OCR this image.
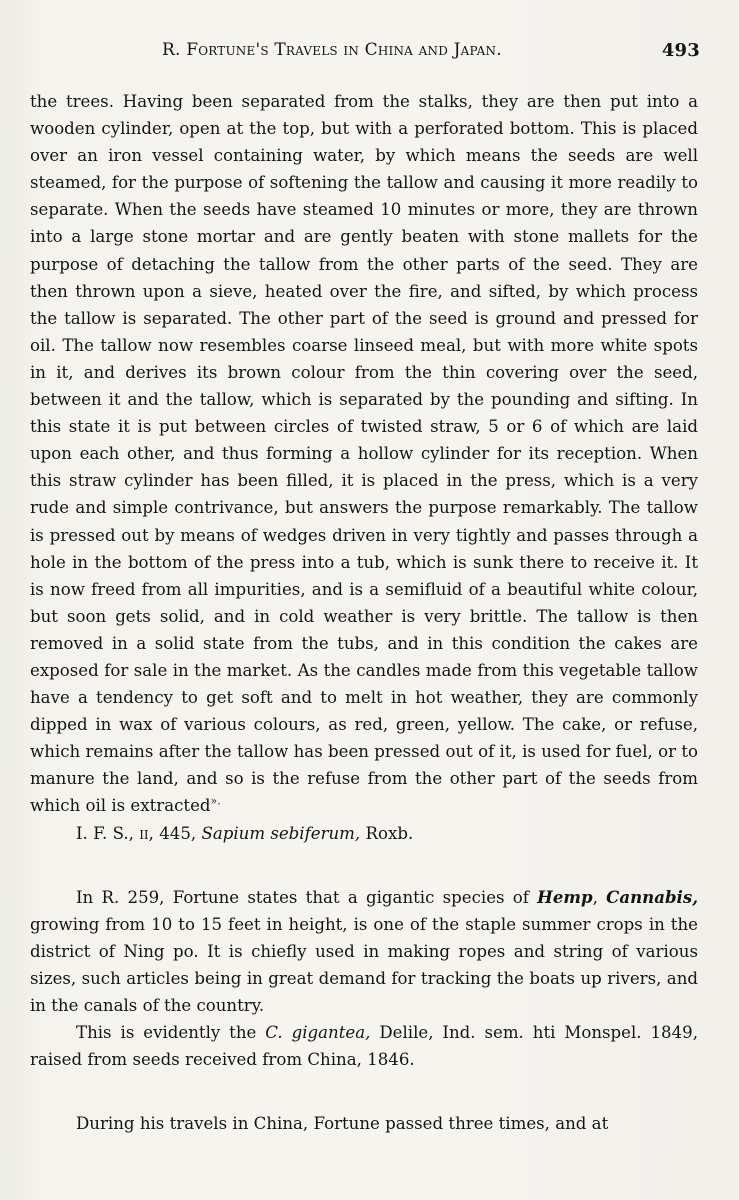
R. Fortune's Travels in China and Japan.	493

the trees. Having been separated from the stalks, they are then put into a wooden cylinder, open at the top, but with a perforated bottom. This is placed over an iron vessel containing water, by which means the seeds are well steamed, for the purpose of softening the tallow and causing it more readily to separate. When the seeds have steamed 10 minutes or more, they are thrown into a large stone mortar and are gently beaten with stone mallets for the purpose of detaching the tallow from the other parts of the seed. They are then thrown upon a sieve, heated over the fire, and sifted, by which process the tallow is separated. The other part of the seed is ground and pressed for oil. The tallow now resembles coarse linseed meal, but with more white spots in it, and derives its brown colour from the thin covering over the seed, between it and the tallow, which is separated by the pounding and sifting. In this state it is put between circles of twisted straw, 5 or 6 of which are laid upon each other, and thus forming a hollow cylinder for its reception. When this straw cylinder has been filled, it is placed in the press, which is a very rude and simple contrivance, but answers the purpose remarkably. The tallow is pressed out by means of wedges driven in very tightly and passes through a hole in the bottom of the press into a tub, which is sunk there to receive it. It is now freed from all impurities, and is a semifluid of a beautiful white colour, but soon gets solid, and in cold weather is very brittle. The tallow is then removed in a solid state from the tubs, and in this condition the cakes are exposed for sale in the market. As the candles made from this vegetable tallow have a tendency to get soft and to melt in hot weather, they are commonly dipped in wax of various colours, as red, green, yellow. The cake, or refuse, which remains after the tallow has been pressed out of it, is used for fuel, or to manure the land, and so is the refuse from the other part of the seeds from which oil is extracted».

I. F. S., ii, 445, Sapium sebiferum, Roxb.

In R. 259, Fortune states that a gigantic species of Hemp, Cannabis, growing from 10 to 15 feet in height, is one of the staple summer crops in the district of Ning po. It is chiefly used in making ropes and string of various sizes, such articles being in great demand for tracking the boats up rivers, and in the canals of the country.

This is evidently the C. gigantea, Delile, Ind. sem. hti Monspel. 1849, raised from seeds received from China, 1846.

During his travels in China, Fortune passed three times, and at
